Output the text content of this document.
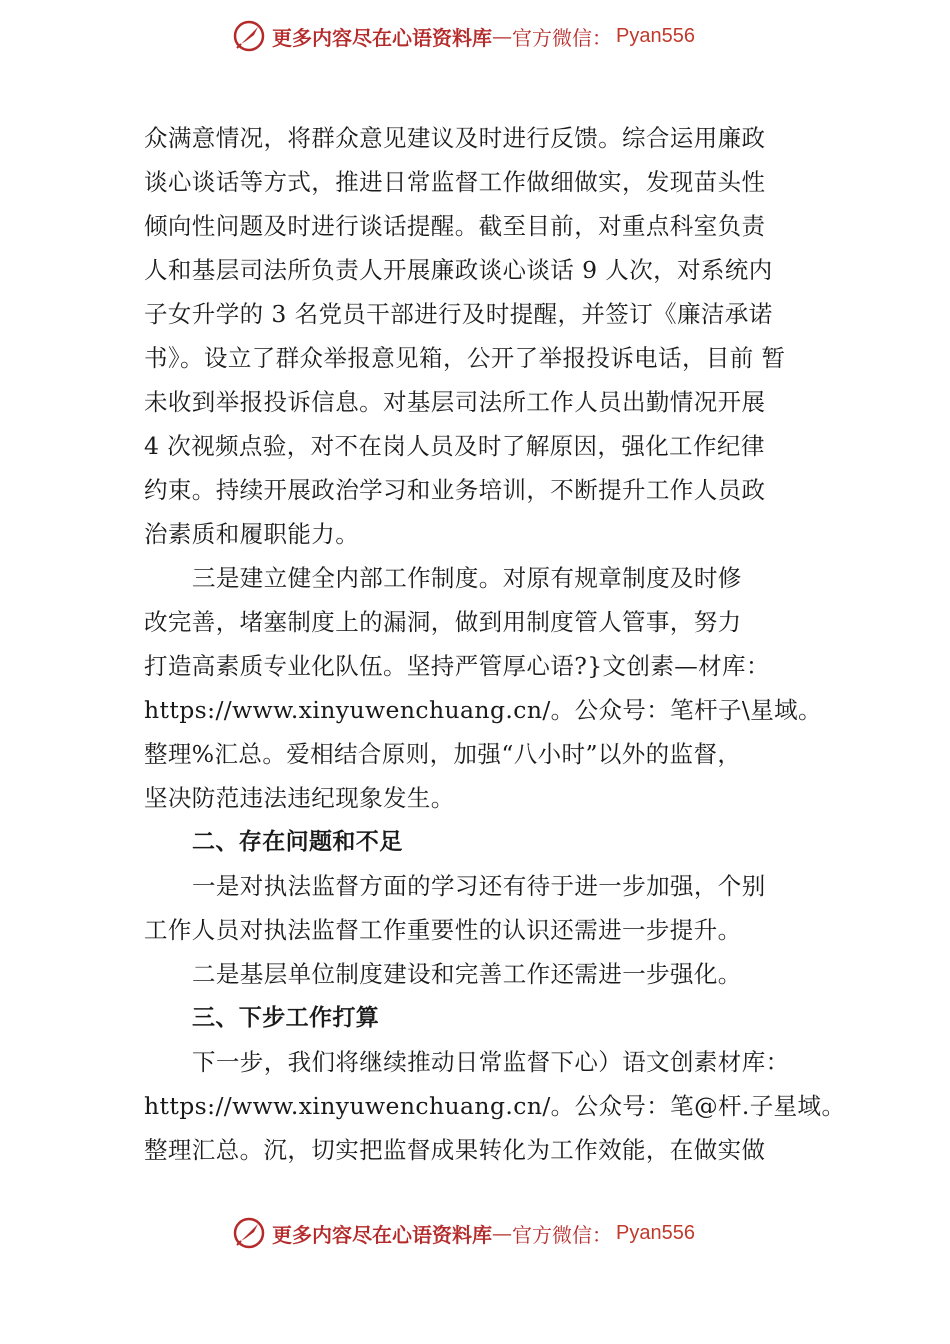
更多内容尽在心语资料库 — 官方微信： Pyan556
众满意情况，将群众意见建议及时进行反馈。综合运用廉政
谈心谈话等方式，推进日常监督工作做细做实，发现苗头性
倾向性问题及时进行谈话提醒。截至目前，对重点科室负责
人和基层司法所负责人开展廉政谈心谈话 9 人次，对系统内
子女升学的 3 名党员干部进行及时提醒，并签订《廉洁承诺
书》。设立了群众举报意见箱，公开了举报投诉电话，目前 暂
未收到举报投诉信息。对基层司法所工作人员出勤情况开展
4 次视频点验，对不在岗人员及时了解原因，强化工作纪律
约束。持续开展政治学习和业务培训，不断提升工作人员政
治素质和履职能力。
三是建立健全内部工作制度。对原有规章制度及时修
改完善，堵塞制度上的漏洞，做到用制度管人管事，努力
打造高素质专业化队伍。坚持严管厚心语?}文创素—材库：
https://www.xinyuwenchuang.cn/。公众号：笔杆子\星域。
整理%汇总。爱相结合原则，加强“八小时”以外的监督，
坚决防范违法违纪现象发生。
二、存在问题和不足
一是对执法监督方面的学习还有待于进一步加强，个别
工作人员对执法监督工作重要性的认识还需进一步提升。
二是基层单位制度建设和完善工作还需进一步强化。
三、下步工作打算
下一步，我们将继续推动日常监督下心）语文创素材库：
https://www.xinyuwenchuang.cn/。公众号：笔@杆.子星域。
整理汇总。沉，切实把监督成果转化为工作效能，在做实做
更多内容尽在心语资料库 — 官方微信： Pyan556
